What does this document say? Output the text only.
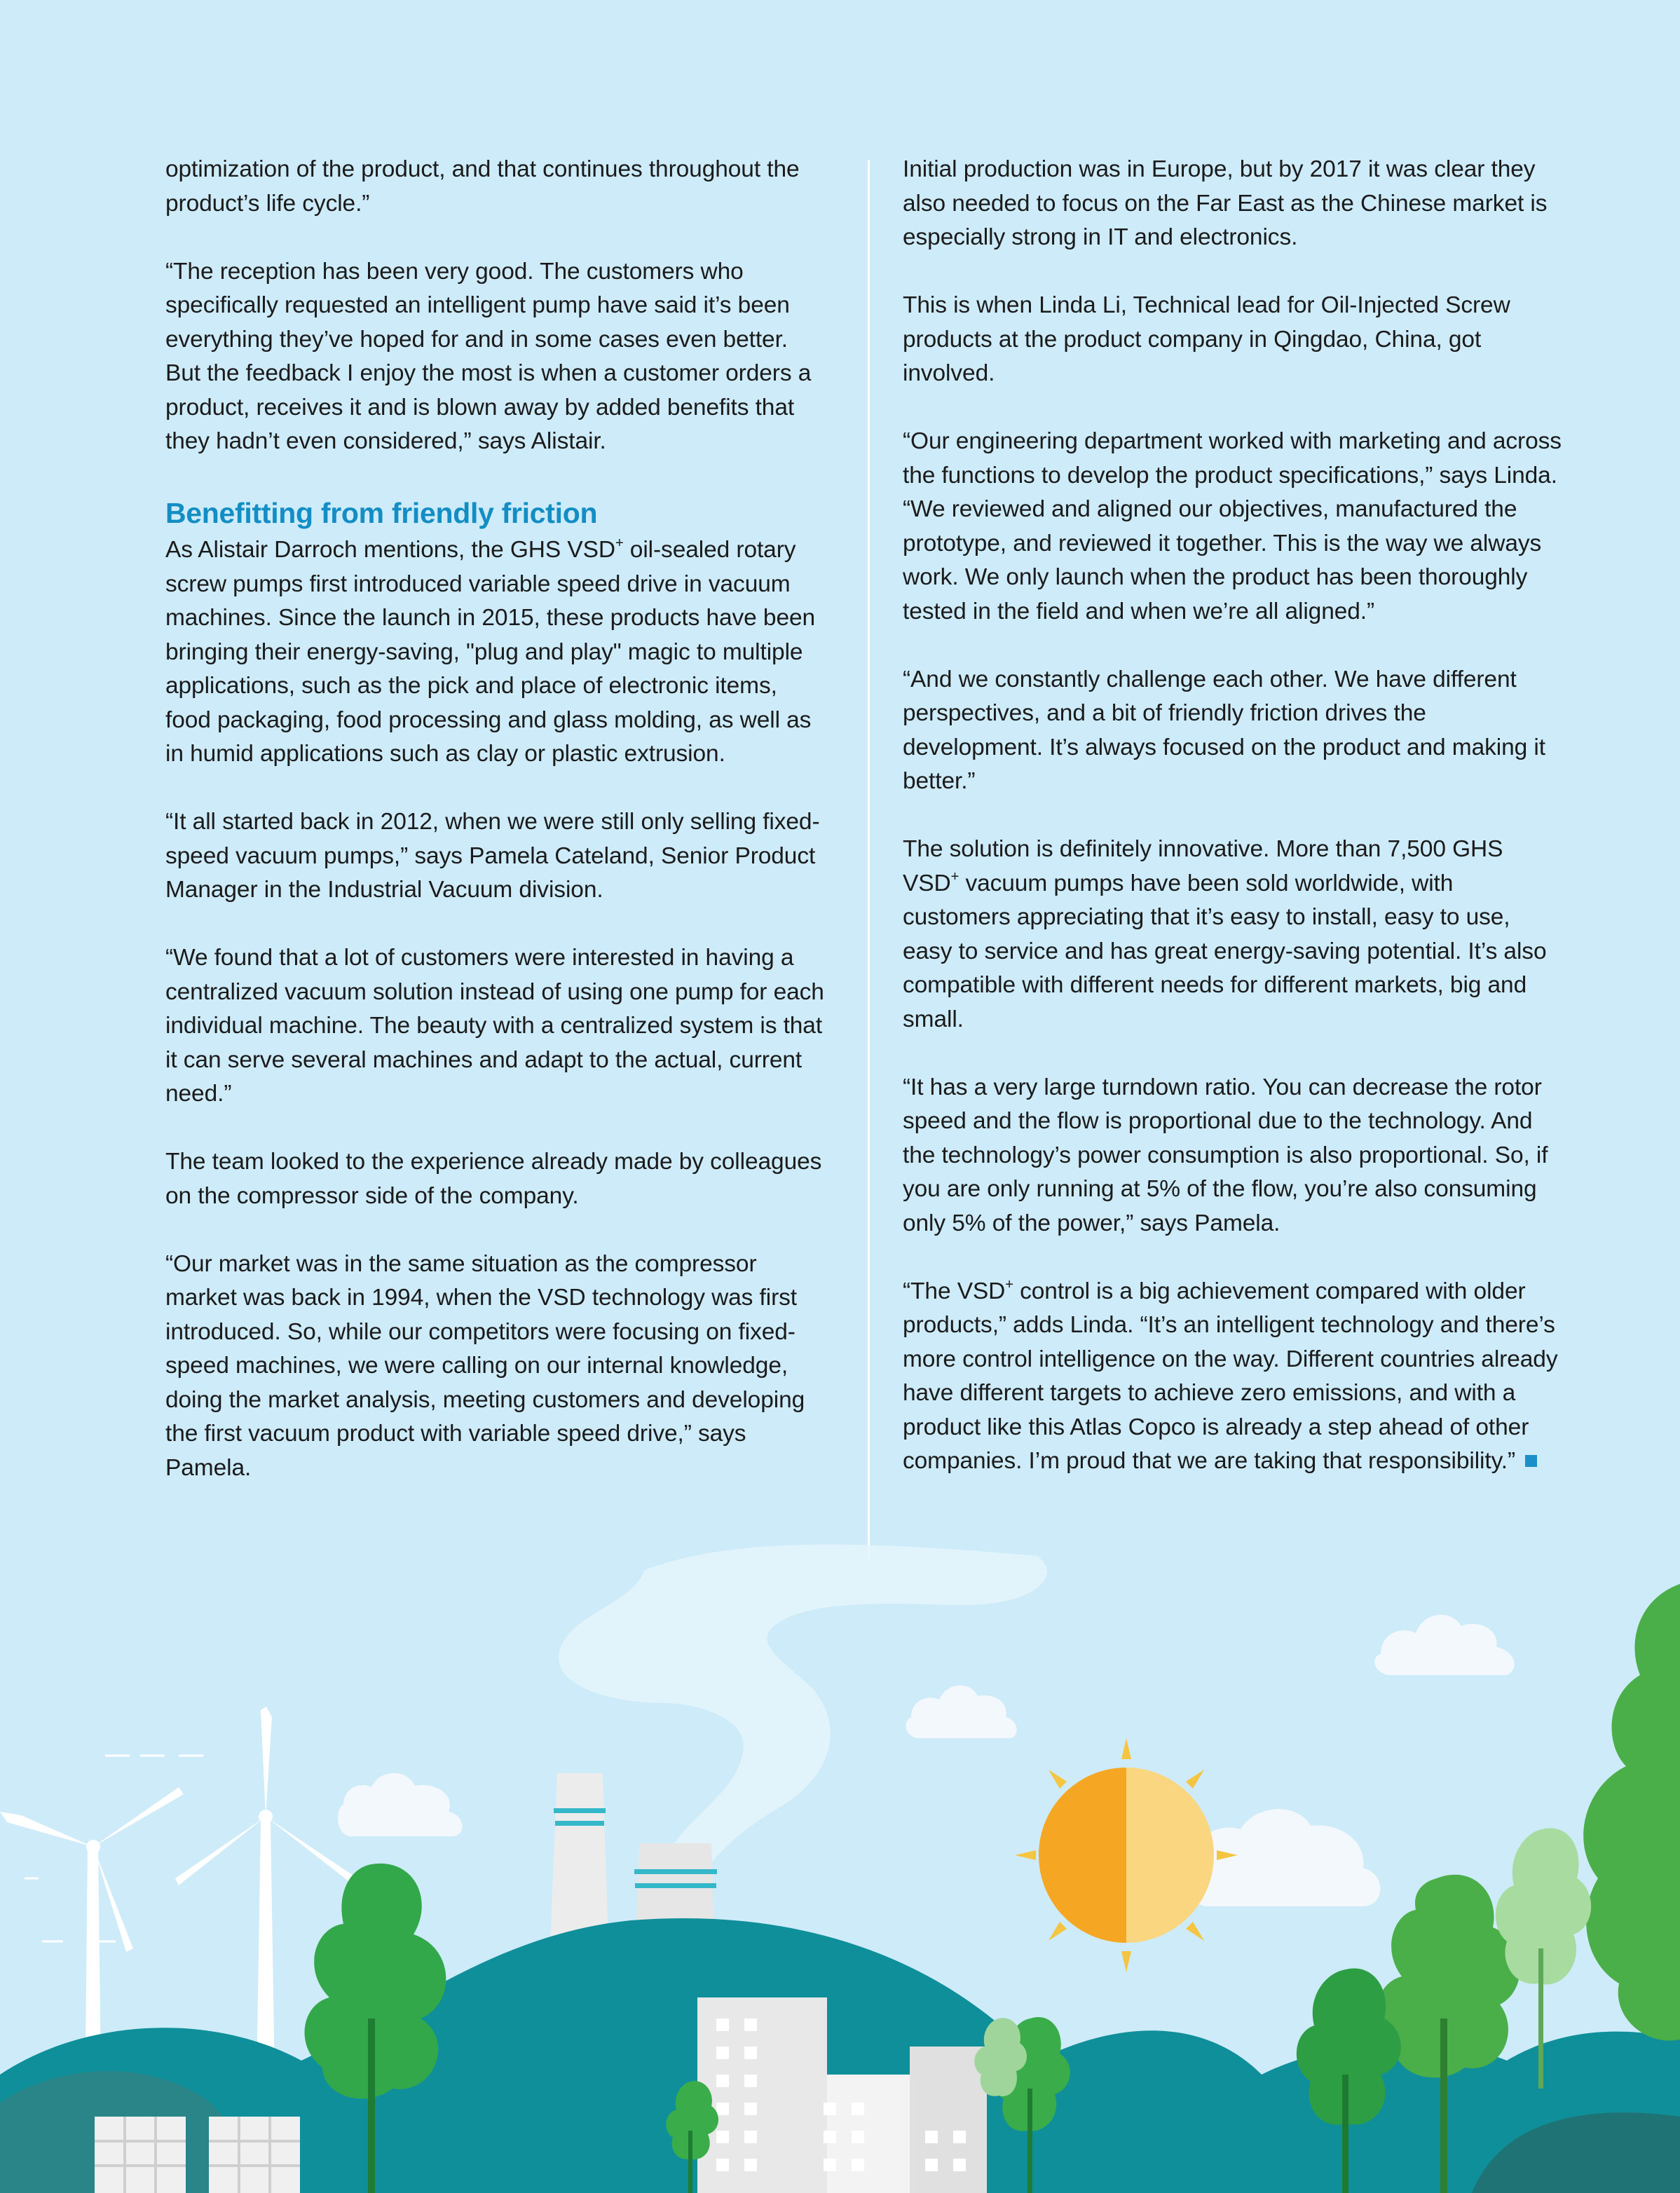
optimization of the product, and that continues throughout the product’s life cycle.”

“The reception has been very good. The customers who specifically requested an intelligent pump have said it’s been everything they’ve hoped for and in some cases even better. But the feedback I enjoy the most is when a customer orders a product, receives it and is blown away by added benefits that they hadn’t even considered,” says Alistair.

Benefitting from friendly friction

As Alistair Darroch mentions, the GHS VSD+ oil-sealed rotary screw pumps first introduced variable speed drive in vacuum machines. Since the launch in 2015, these products have been bringing their energy-saving, "plug and play" magic to multiple applications, such as the pick and place of electronic items, food packaging, food processing and glass molding, as well as in humid applications such as clay or plastic extrusion.

“It all started back in 2012, when we were still only selling fixed-speed vacuum pumps,” says Pamela Cateland, Senior Product Manager in the Industrial Vacuum division.

“We found that a lot of customers were interested in having a centralized vacuum solution instead of using one pump for each individual machine. The beauty with a centralized system is that it can serve several machines and adapt to the actual, current need.”

The team looked to the experience already made by colleagues on the compressor side of the company.

“Our market was in the same situation as the compressor market was back in 1994, when the VSD technology was first introduced. So, while our competitors were focusing on fixed-speed machines, we were calling on our internal knowledge, doing the market analysis, meeting customers and developing the first vacuum product with variable speed drive,” says Pamela.

Initial production was in Europe, but by 2017 it was clear they also needed to focus on the Far East as the Chinese market is especially strong in IT and electronics.

This is when Linda Li, Technical lead for Oil-Injected Screw products at the product company in Qingdao, China, got involved.

“Our engineering department worked with marketing and across the functions to develop the product specifications,” says Linda. “We reviewed and aligned our objectives, manufactured the prototype, and reviewed it together. This is the way we always work. We only launch when the product has been thoroughly tested in the field and when we’re all aligned.”

“And we constantly challenge each other. We have different perspectives, and a bit of friendly friction drives the development. It’s always focused on the product and making it better.”

The solution is definitely innovative. More than 7,500 GHS VSD+ vacuum pumps have been sold worldwide, with customers appreciating that it’s easy to install, easy to use, easy to service and has great energy-saving potential. It’s also compatible with different needs for different markets, big and small.

“It has a very large turndown ratio. You can decrease the rotor speed and the flow is proportional due to the technology. And the technology’s power consumption is also proportional. So, if you are only running at 5% of the flow, you’re also consuming only 5% of the power,” says Pamela.

“The VSD+ control is a big achievement compared with older products,” adds Linda. “It’s an intelligent technology and there’s more control intelligence on the way. Different countries already have different targets to achieve zero emissions, and with a product like this Atlas Copco is already a step ahead of other companies. I’m proud that we are taking that responsibility.”
